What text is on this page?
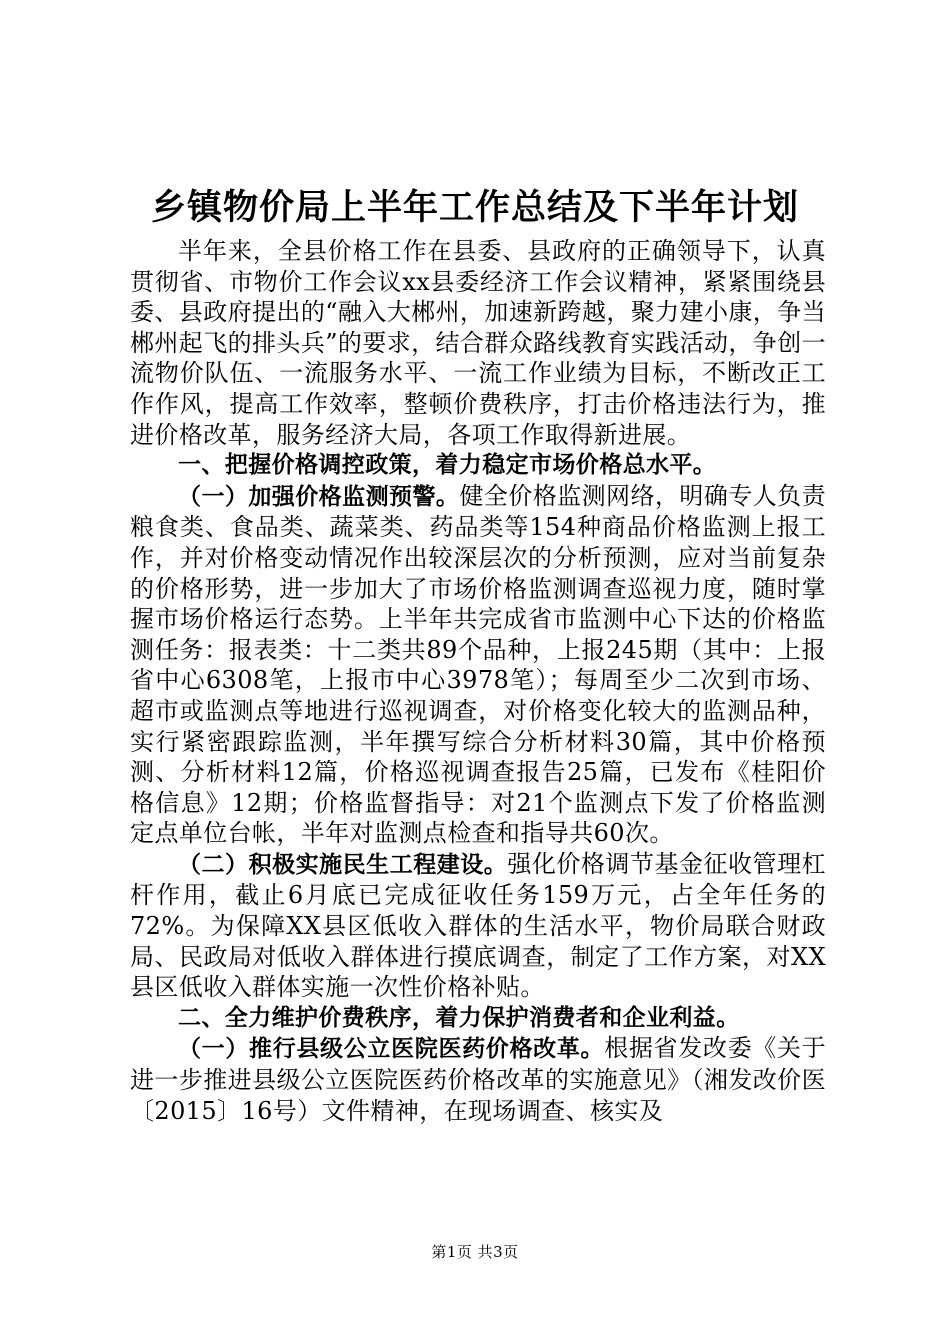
乡镇物价局上半年工作总结及下半年计划

半年来，全县价格工作在县委、县政府的正确领导下，认真贯彻省、市物价工作会议xx县委经济工作会议精神，紧紧围绕县委、县政府提出的“融入大郴州，加速新跨越，聚力建小康，争当郴州起飞的排头兵”的要求，结合群众路线教育实践活动，争创一流物价队伍、一流服务水平、一流工作业绩为目标，不断改正工作作风，提高工作效率，整顿价费秩序，打击价格违法行为，推进价格改革，服务经济大局，各项工作取得新进展。

一、把握价格调控政策，着力稳定市场价格总水平。

（一）加强价格监测预警。健全价格监测网络，明确专人负责粮食类、食品类、蔬菜类、药品类等154种商品价格监测上报工作，并对价格变动情况作出较深层次的分析预测，应对当前复杂的价格形势，进一步加大了市场价格监测调查巡视力度，随时掌握市场价格运行态势。上半年共完成省市监测中心下达的价格监测任务：报表类：十二类共89个品种，上报245期（其中：上报省中心6308笔，上报市中心3978笔）；每周至少二次到市场、超市或监测点等地进行巡视调查，对价格变化较大的监测品种，实行紧密跟踪监测，半年撰写综合分析材料30篇，其中价格预测、分析材料12篇，价格巡视调查报告25篇，已发布《桂阳价格信息》12期；价格监督指导：对21个监测点下发了价格监测定点单位台帐，半年对监测点检查和指导共60次。

（二）积极实施民生工程建设。强化价格调节基金征收管理杠杆作用，截止6月底已完成征收任务159万元，占全年任务的72%。为保障XX县区低收入群体的生活水平，物价局联合财政局、民政局对低收入群体进行摸底调查，制定了工作方案，对XX县区低收入群体实施一次性价格补贴。

二、全力维护价费秩序，着力保护消费者和企业利益。

（一）推行县级公立医院医药价格改革。根据省发改委《关于进一步推进县级公立医院医药价格改革的实施意见》（湘发改价医〔2015〕16号）文件精神，在现场调查、核实及

第1页 共3页
